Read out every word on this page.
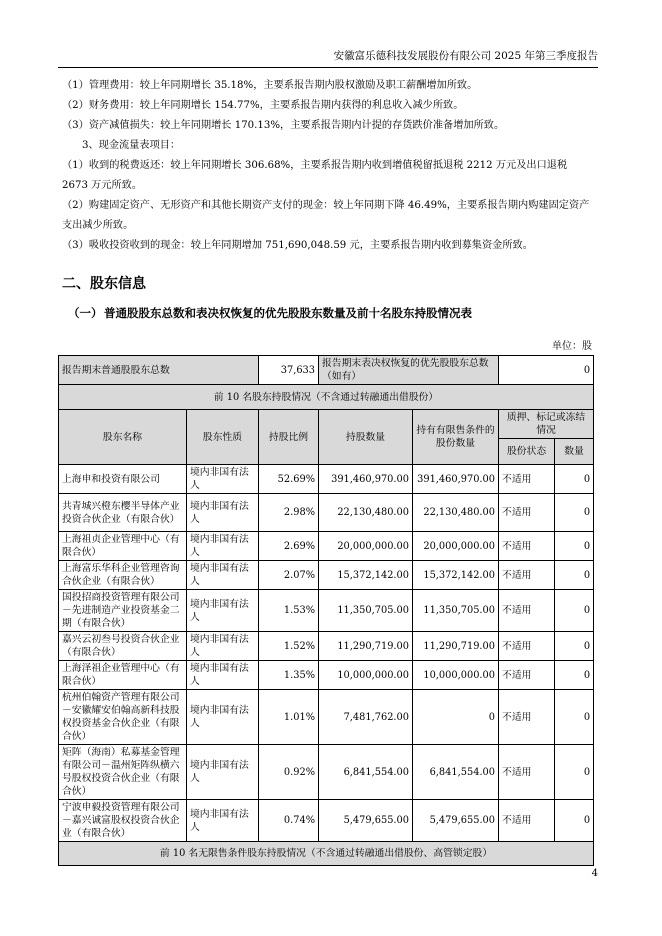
安徽富乐德科技发展股份有限公司 2025 年第三季度报告

（1）管理费用：较上年同期增长 35.18%，主要系报告期内股权激励及职工薪酬增加所致。

（2）财务费用：较上年同期增长 154.77%，主要系报告期内获得的利息收入减少所致。

（3）资产减值损失：较上年同期增长 170.13%，主要系报告期内计提的存货跌价准备增加所致。

3、现金流量表项目：

（1）收到的税费返还：较上年同期增长 306.68%，主要系报告期内收到增值税留抵退税 2212 万元及出口退税 2673 万元所致。

（2）购建固定资产、无形资产和其他长期资产支付的现金：较上年同期下降 46.49%，主要系报告期内购建固定资产支出减少所致。

（3）吸收投资收到的现金：较上年同期增加 751,690,048.59 元，主要系报告期内收到募集资金所致。

二、股东信息
（一） 普通股股东总数和表决权恢复的优先股股东数量及前十名股东持股情况表
单位：股
报告期末普通股股东总数		37,633	报告期末表决权恢复的优先股股东总数（如有）		0	
前 10 名股东持股情况（不含通过转融通出借股份）						
股东名称	股东性质	持股比例	持股数量	持有有限售条件的股份数量	质押、标记或冻结情况	
					股份状态	数量
上海申和投资有限公司	境内非国有法人	52.69%	391,460,970.00	391,460,970.00	不适用	0
共青城兴橙东樱半导体产业投资合伙企业（有限合伙）	境内非国有法人	2.98%	22,130,480.00	22,130,480.00	不适用	0
上海祖贞企业管理中心（有限合伙）	境内非国有法人	2.69%	20,000,000.00	20,000,000.00	不适用	0
上海富乐华科企业管理咨询合伙企业（有限合伙）	境内非国有法人	2.07%	15,372,142.00	15,372,142.00	不适用	0
国投招商投资管理有限公司－先进制造产业投资基金二期（有限合伙）	境内非国有法人	1.53%	11,350,705.00	11,350,705.00	不适用	0
嘉兴云初叁号投资合伙企业（有限合伙）	境内非国有法人	1.52%	11,290,719.00	11,290,719.00	不适用	0
上海泽祖企业管理中心（有限合伙）	境内非国有法人	1.35%	10,000,000.00	10,000,000.00	不适用	0
杭州伯翰资产管理有限公司－安徽耀安伯翰高新科技股权投资基金合伙企业（有限合伙）	境内非国有法人	1.01%	7,481,762.00	0	不适用	0
矩阵（海南）私募基金管理有限公司－温州矩阵纵横六号股权投资合伙企业（有限合伙）	境内非国有法人	0.92%	6,841,554.00	6,841,554.00	不适用	0
宁波申毅投资管理有限公司－嘉兴诚富股权投资合伙企业（有限合伙）	境内非国有法人	0.74%	5,479,655.00	5,479,655.00	不适用	0
前 10 名无限售条件股东持股情况（不含通过转融通出借股份、高管锁定股）						
4
